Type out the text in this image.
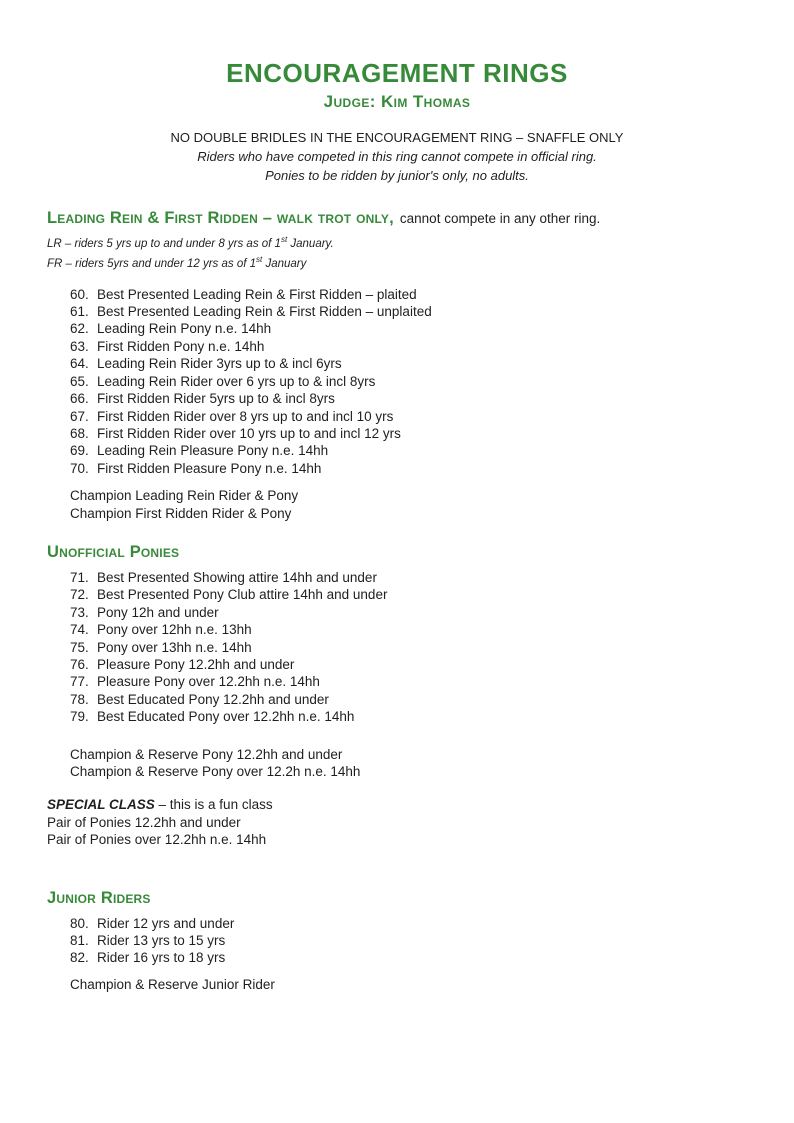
ENCOURAGEMENT RINGS
Judge: Kim Thomas

NO DOUBLE BRIDLES IN THE ENCOURAGEMENT RING – SNAFFLE ONLY

Riders who have competed in this ring cannot compete in official ring.

Ponies to be ridden by junior's only, no adults.

Leading Rein & First Ridden – walk trot only, cannot compete in any other ring.

LR – riders 5 yrs up to and under 8 yrs as of 1st January.

FR – riders 5yrs and under 12 yrs as of 1st January

60. Best Presented Leading Rein & First Ridden – plaited
61. Best Presented Leading Rein & First Ridden – unplaited
62. Leading Rein Pony n.e. 14hh
63. First Ridden Pony n.e. 14hh
64. Leading Rein Rider 3yrs up to & incl 6yrs
65. Leading Rein Rider over 6 yrs up to & incl 8yrs
66. First Ridden Rider 5yrs up to & incl 8yrs
67. First Ridden Rider over 8 yrs up to and incl 10 yrs
68. First Ridden Rider over 10 yrs up to and incl 12 yrs
69. Leading Rein Pleasure Pony n.e. 14hh
70. First Ridden Pleasure Pony n.e. 14hh

Champion Leading Rein Rider & Pony

Champion First Ridden Rider & Pony

Unofficial Ponies
71. Best Presented Showing attire 14hh and under
72. Best Presented Pony Club attire 14hh and under
73. Pony 12h and under
74. Pony over 12hh n.e. 13hh
75. Pony over 13hh n.e. 14hh
76. Pleasure Pony 12.2hh and under
77. Pleasure Pony over 12.2hh n.e. 14hh
78. Best Educated Pony 12.2hh and under
79. Best Educated Pony over 12.2hh n.e. 14hh

Champion & Reserve Pony 12.2hh and under

Champion & Reserve Pony over 12.2h n.e. 14hh

SPECIAL CLASS – this is a fun class

Pair of Ponies 12.2hh and under

Pair of Ponies over 12.2hh n.e. 14hh

Junior Riders
80. Rider 12 yrs and under
81. Rider 13 yrs to 15 yrs
82. Rider 16 yrs to 18 yrs

Champion & Reserve Junior Rider
